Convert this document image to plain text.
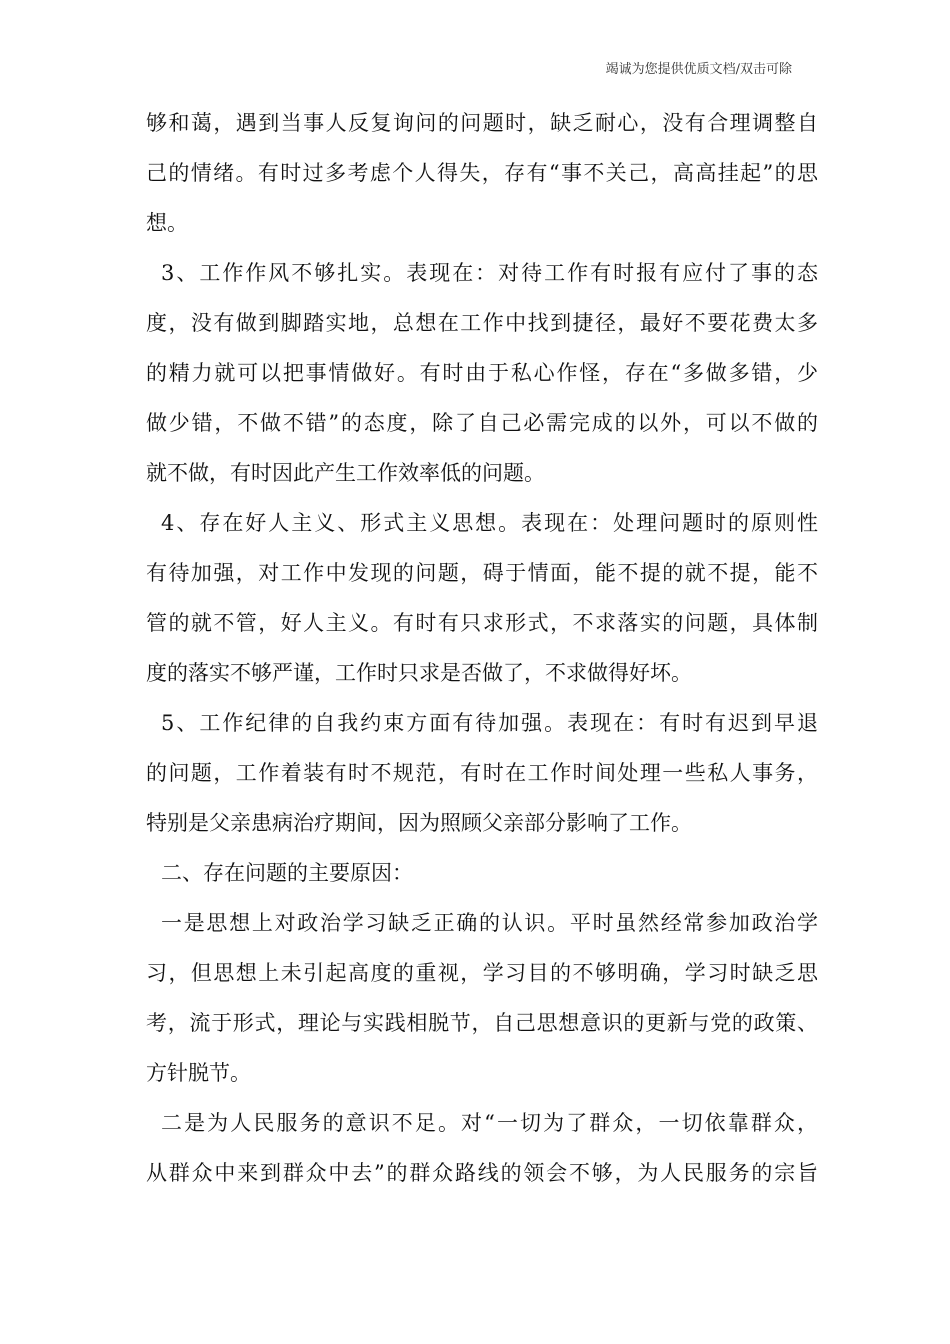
竭诚为您提供优质文档/双击可除
够和蔼，遇到当事人反复询问的问题时，缺乏耐心，没有合理调整自
己的情绪。有时过多考虑个人得失，存有“事不关己，高高挂起”的思
想。
3、工作作风不够扎实。表现在：对待工作有时报有应付了事的态
度，没有做到脚踏实地，总想在工作中找到捷径，最好不要花费太多
的精力就可以把事情做好。有时由于私心作怪，存在“多做多错，少
做少错，不做不错”的态度，除了自己必需完成的以外，可以不做的
就不做，有时因此产生工作效率低的问题。
4、存在好人主义、形式主义思想。表现在：处理问题时的原则性
有待加强，对工作中发现的问题，碍于情面，能不提的就不提，能不
管的就不管，好人主义。有时有只求形式，不求落实的问题，具体制
度的落实不够严谨，工作时只求是否做了，不求做得好坏。
5、工作纪律的自我约束方面有待加强。表现在：有时有迟到早退
的问题，工作着装有时不规范，有时在工作时间处理一些私人事务，
特别是父亲患病治疗期间，因为照顾父亲部分影响了工作。
二、存在问题的主要原因：
一是思想上对政治学习缺乏正确的认识。平时虽然经常参加政治学
习，但思想上未引起高度的重视，学习目的不够明确，学习时缺乏思
考，流于形式，理论与实践相脱节，自己思想意识的更新与党的政策、
方针脱节。
二是为人民服务的意识不足。对“一切为了群众，一切依靠群众，
从群众中来到群众中去”的群众路线的领会不够，为人民服务的宗旨
